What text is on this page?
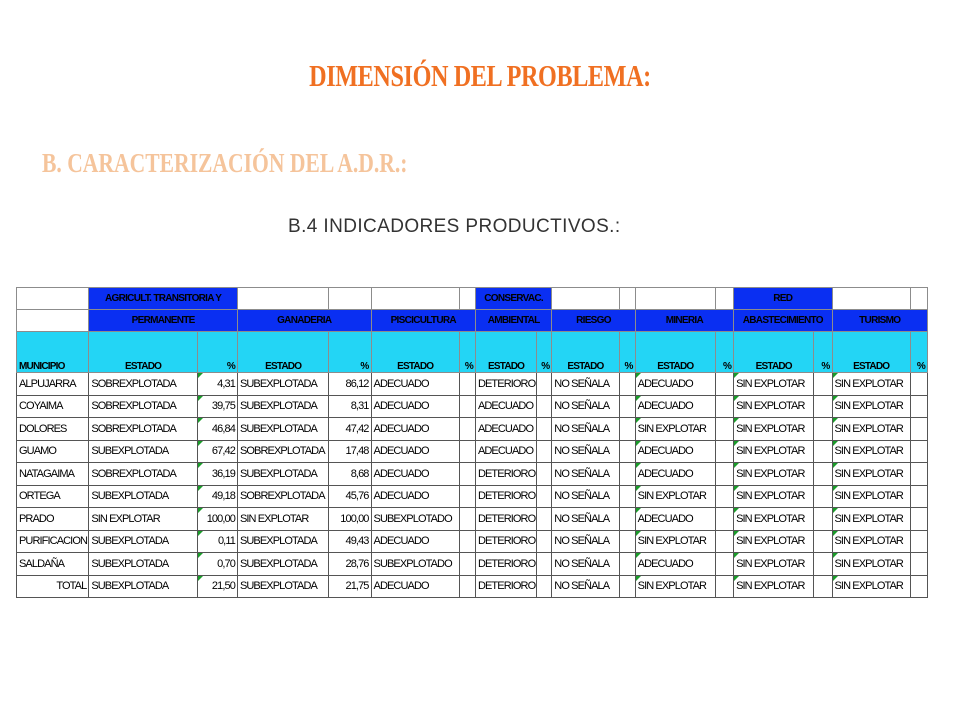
DIMENSIÓN DEL PROBLEMA:
B. CARACTERIZACIÓN DEL A.D.R.:
B.4 INDICADORES PRODUCTIVOS.:
	AGRICULT. TRANSITORIA Y						CONSERVAC.						RED			
	PERMANENTE		GANADERIA		PISCICULTURA		AMBIENTAL		RIESGO		MINERIA		ABASTECIMIENTO		TURISMO	
MUNICIPIO	ESTADO	%	ESTADO	%	ESTADO	%	ESTADO	%	ESTADO	%	ESTADO	%	ESTADO	%	ESTADO	%
ALPUJARRA	SOBREXPLOTADA	4,31	SUBEXPLOTADA	86,12	ADECUADO		DETERIORO		NO SEÑALA		ADECUADO		SIN EXPLOTAR		SIN EXPLOTAR	
COYAIMA	SOBREXPLOTADA	39,75	SUBEXPLOTADA	8,31	ADECUADO		ADECUADO		NO SEÑALA		ADECUADO		SIN EXPLOTAR		SIN EXPLOTAR	
DOLORES	SOBREXPLOTADA	46,84	SUBEXPLOTADA	47,42	ADECUADO		ADECUADO		NO SEÑALA		SIN EXPLOTAR		SIN EXPLOTAR		SIN EXPLOTAR	
GUAMO	SUBEXPLOTADA	67,42	SOBREXPLOTADA	17,48	ADECUADO		ADECUADO		NO SEÑALA		ADECUADO		SIN EXPLOTAR		SIN EXPLOTAR	
NATAGAIMA	SOBREXPLOTADA	36,19	SUBEXPLOTADA	8,68	ADECUADO		DETERIORO		NO SEÑALA		ADECUADO		SIN EXPLOTAR		SIN EXPLOTAR	
ORTEGA	SUBEXPLOTADA	49,18	SOBREXPLOTADA	45,76	ADECUADO		DETERIORO		NO SEÑALA		SIN EXPLOTAR		SIN EXPLOTAR		SIN EXPLOTAR	
PRADO	SIN EXPLOTAR	100,00	SIN EXPLOTAR	100,00	SUBEXPLOTADO		DETERIORO		NO SEÑALA		ADECUADO		SIN EXPLOTAR		SIN EXPLOTAR	
PURIFICACION	SUBEXPLOTADA	0,11	SUBEXPLOTADA	49,43	ADECUADO		DETERIORO		NO SEÑALA		SIN EXPLOTAR		SIN EXPLOTAR		SIN EXPLOTAR	
SALDAÑA	SUBEXPLOTADA	0,70	SUBEXPLOTADA	28,76	SUBEXPLOTADO		DETERIORO		NO SEÑALA		ADECUADO		SIN EXPLOTAR		SIN EXPLOTAR	
TOTAL	SUBEXPLOTADA	21,50	SUBEXPLOTADA	21,75	ADECUADO		DETERIORO		NO SEÑALA		SIN EXPLOTAR		SIN EXPLOTAR		SIN EXPLOTAR	
